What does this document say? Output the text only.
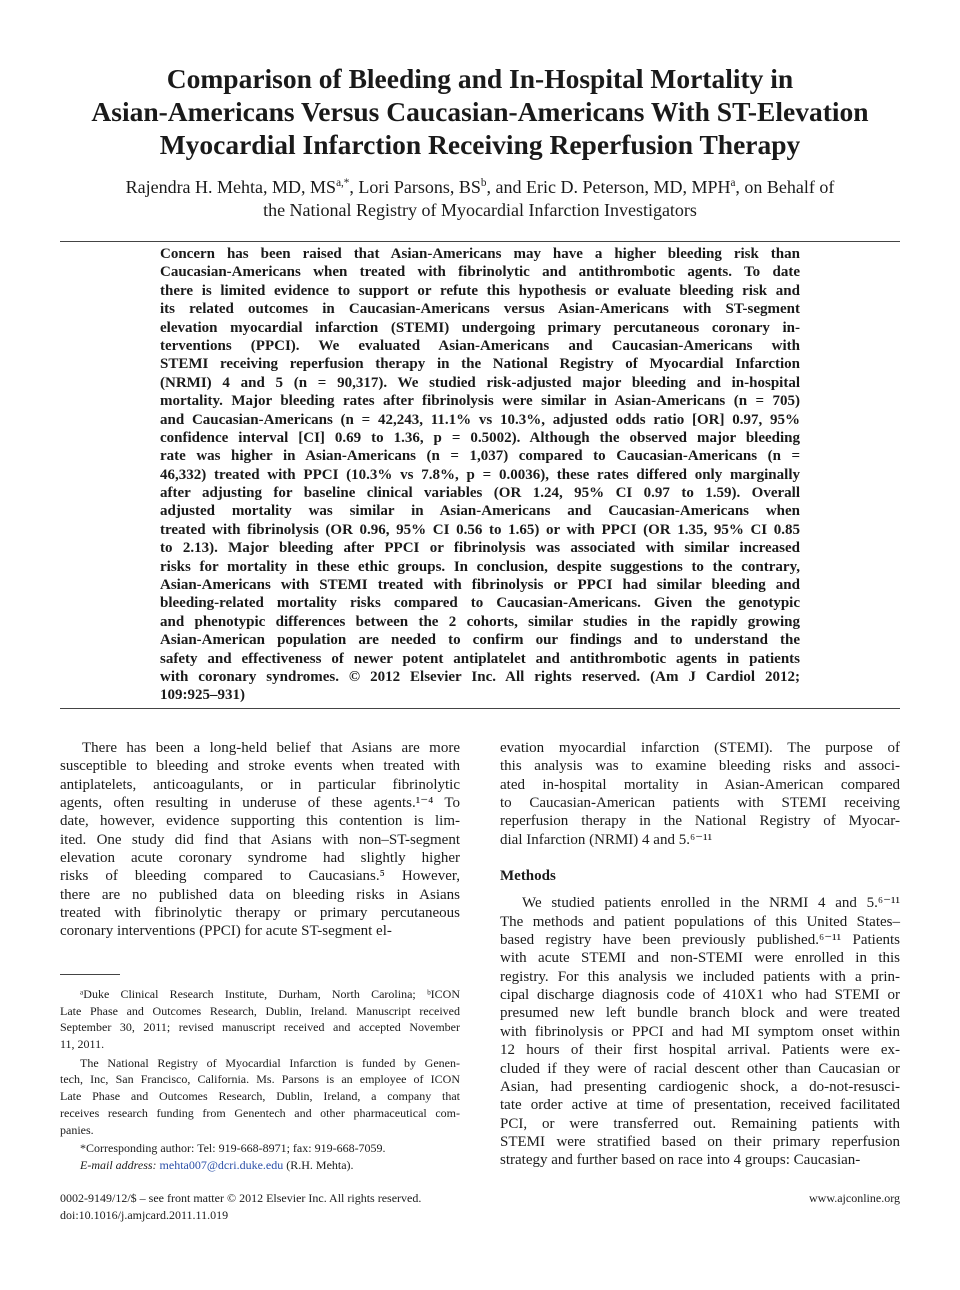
Comparison of Bleeding and In-Hospital Mortality in
Asian-Americans Versus Caucasian-Americans With ST-Elevation
Myocardial Infarction Receiving Reperfusion Therapy
Rajendra H. Mehta, MD, $MS^{a,*}$, Lori Parsons, $BS^b$, and Eric D. Peterson, MD, MPH$^a$, on Behalf of
the National Registry of Myocardial Infarction Investigators
Concern has been raised that Asian-Americans may have a higher bleeding risk than
Caucasian-Americans when treated with fibrinolytic and antithrombotic agents. To date
there is limited evidence to support or refute this hypothesis or evaluate bleeding risk and
its related outcomes in Caucasian-Americans versus Asian-Americans with ST-segment
elevation myocardial infarction (STEMI) undergoing primary percutaneous coronary in-
terventions (PPCI). We evaluated Asian-Americans and Caucasian-Americans with
STEMI receiving reperfusion therapy in the National Registry of Myocardial Infarction
(NRMI) 4 and 5 (n = 90,317). We studied risk-adjusted major bleeding and in-hospital
mortality. Major bleeding rates after fibrinolysis were similar in Asian-Americans (n = 705)
and Caucasian-Americans (n = 42,243, 11.1% vs 10.3%, adjusted odds ratio [OR] 0.97, 95%
confidence interval [CI] 0.69 to 1.36, p = 0.5002). Although the observed major bleeding
rate was higher in Asian-Americans (n = 1,037) compared to Caucasian-Americans (n =
46,332) treated with PPCI (10.3% vs 7.8%, p = 0.0036), these rates differed only marginally
after adjusting for baseline clinical variables (OR 1.24, 95% CI 0.97 to 1.59). Overall
adjusted mortality was similar in Asian-Americans and Caucasian-Americans when
treated with fibrinolysis (OR 0.96, 95% CI 0.56 to 1.65) or with PPCI (OR 1.35, 95% CI 0.85
to 2.13). Major bleeding after PPCI or fibrinolysis was associated with similar increased
risks for mortality in these ethic groups. In conclusion, despite suggestions to the contrary,
Asian-Americans with STEMI treated with fibrinolysis or PPCI had similar bleeding and
bleeding-related mortality risks compared to Caucasian-Americans. Given the genotypic
and phenotypic differences between the 2 cohorts, similar studies in the rapidly growing
Asian-American population are needed to confirm our findings and to understand the
safety and effectiveness of newer potent antiplatelet and antithrombotic agents in patients
with coronary syndromes. © 2012 Elsevier Inc. All rights reserved. (Am J Cardiol 2012;
109:925–931)
There has been a long-held belief that Asians are more
susceptible to bleeding and stroke events when treated with
antiplatelets, anticoagulants, or in particular fibrinolytic
agents, often resulting in underuse of these agents.¹⁻⁴ To
date, however, evidence supporting this contention is lim-
ited. One study did find that Asians with non–ST-segment
elevation acute coronary syndrome had slightly higher
risks of bleeding compared to Caucasians.⁵ However,
there are no published data on bleeding risks in Asians
treated with fibrinolytic therapy or primary percutaneous
coronary interventions (PPCI) for acute ST-segment el-
evation myocardial infarction (STEMI). The purpose of
this analysis was to examine bleeding risks and associ-
ated in-hospital mortality in Asian-American compared
to Caucasian-American patients with STEMI receiving
reperfusion therapy in the National Registry of Myocar-
dial Infarction (NRMI) 4 and 5.⁶⁻¹¹
Methods
We studied patients enrolled in the NRMI 4 and 5.⁶⁻¹¹
The methods and patient populations of this United States–
based registry have been previously published.⁶⁻¹¹ Patients
with acute STEMI and non-STEMI were enrolled in this
registry. For this analysis we included patients with a prin-
cipal discharge diagnosis code of 410X1 who had STEMI or
presumed new left bundle branch block and were treated
with fibrinolysis or PPCI and had MI symptom onset within
12 hours of their first hospital arrival. Patients were ex-
cluded if they were of racial descent other than Caucasian or
Asian, had presenting cardiogenic shock, a do-not-resusci-
tate order active at time of presentation, received facilitated
PCI, or were transferred out. Remaining patients with
STEMI were stratified based on their primary reperfusion
strategy and further based on race into 4 groups: Caucasian-
ᵃDuke Clinical Research Institute, Durham, North Carolina; ᵇICON
Late Phase and Outcomes Research, Dublin, Ireland. Manuscript received
September 30, 2011; revised manuscript received and accepted November
11, 2011.
The National Registry of Myocardial Infarction is funded by Genen-
tech, Inc, San Francisco, California. Ms. Parsons is an employee of ICON
Late Phase and Outcomes Research, Dublin, Ireland, a company that
receives research funding from Genentech and other pharmaceutical com-
panies.
*Corresponding author: Tel: 919-668-8971; fax: 919-668-7059.
E-mail address: mehta007@dcri.duke.edu (R.H. Mehta).
0002-9149/12/$ – see front matter © 2012 Elsevier Inc. All rights reserved.
doi:10.1016/j.amjcard.2011.11.019
www.ajconline.org
